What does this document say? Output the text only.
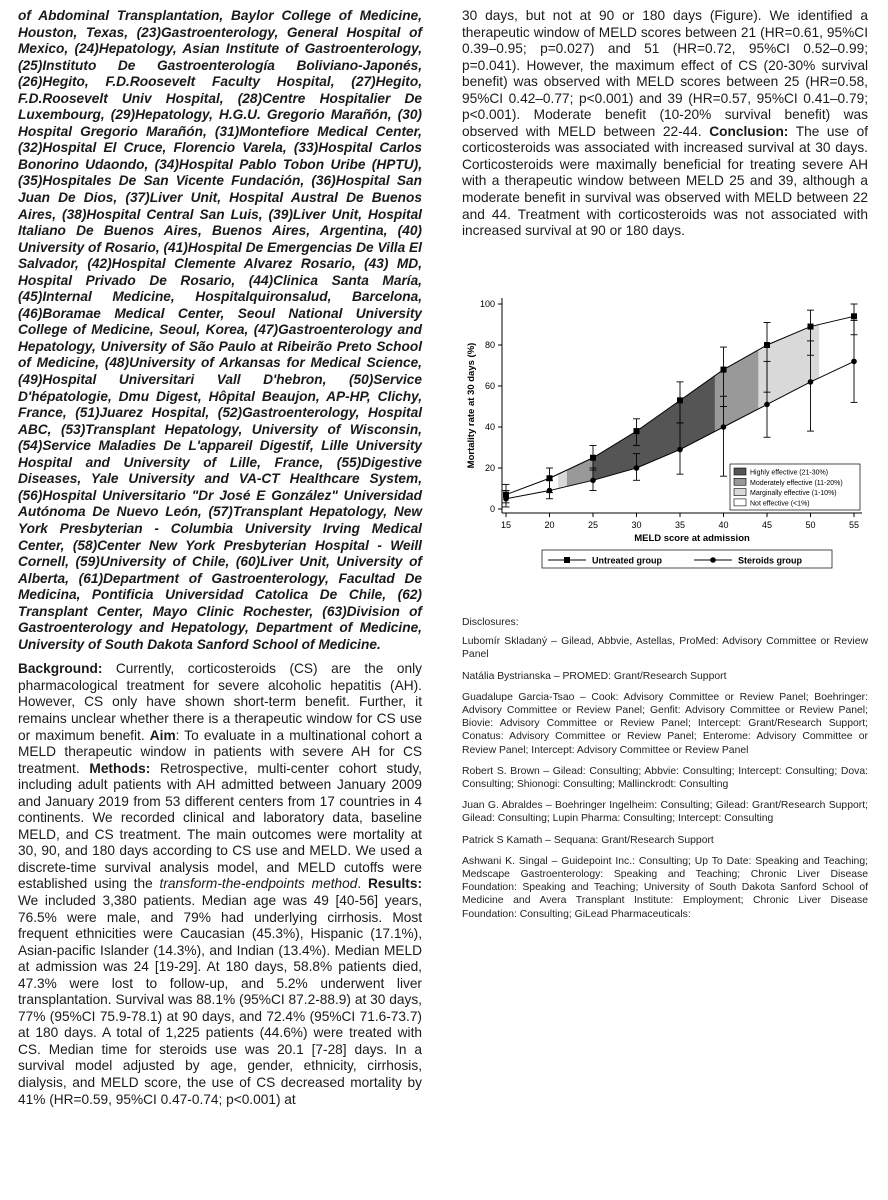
of Abdominal Transplantation, Baylor College of Medicine, Houston, Texas, (23)Gastroenterology, General Hospital of Mexico, (24)Hepatology, Asian Institute of Gastroenterology, (25)Instituto De Gastroenterología Boliviano-Japonés, (26)Hegito, F.D.Roosevelt Faculty Hospital, (27)Hegito, F.D.Roosevelt Univ Hospital, (28)Centre Hospitalier De Luxembourg, (29)Hepatology, H.G.U. Gregorio Marañón, (30) Hospital Gregorio Marañón, (31)Montefiore Medical Center, (32)Hospital El Cruce, Florencio Varela, (33)Hospital Carlos Bonorino Udaondo, (34)Hospital Pablo Tobon Uribe (HPTU), (35)Hospitales De San Vicente Fundación, (36)Hospital San Juan De Dios, (37)Liver Unit, Hospital Austral De Buenos Aires, (38)Hospital Central San Luis, (39)Liver Unit, Hospital Italiano De Buenos Aires, Buenos Aires, Argentina, (40) University of Rosario, (41)Hospital De Emergencias De Villa El Salvador, (42)Hospital Clemente Alvarez Rosario, (43) MD, Hospital Privado De Rosario, (44)Clinica Santa María, (45)Internal Medicine, Hospitalquironsalud, Barcelona, (46)Boramae Medical Center, Seoul National University College of Medicine, Seoul, Korea, (47)Gastroenterology and Hepatology, University of São Paulo at Ribeirão Preto School of Medicine, (48)University of Arkansas for Medical Science, (49)Hospital Universitari Vall D'hebron, (50)Service D'hépatologie, Dmu Digest, Hôpital Beaujon, AP-HP, Clichy, France, (51)Juarez Hospital, (52)Gastroenterology, Hospital ABC, (53)Transplant Hepatology, University of Wisconsin, (54)Service Maladies De L'appareil Digestif, Lille University Hospital and University of Lille, France, (55)Digestive Diseases, Yale University and VA-CT Healthcare System, (56)Hospital Universitario "Dr José E González" Universidad Autónoma De Nuevo León, (57)Transplant Hepatology, New York Presbyterian - Columbia University Irving Medical Center, (58)Center New York Presbyterian Hospital - Weill Cornell, (59)University of Chile, (60)Liver Unit, University of Alberta, (61)Department of Gastroenterology, Facultad De Medicina, Pontificia Universidad Catolica De Chile, (62) Transplant Center, Mayo Clinic Rochester, (63)Division of Gastroenterology and Hepatology, Department of Medicine, University of South Dakota Sanford School of Medicine.

Background: Currently, corticosteroids (CS) are the only pharmacological treatment for severe alcoholic hepatitis (AH). However, CS only have shown short-term benefit. Further, it remains unclear whether there is a therapeutic window for CS use or maximum benefit. Aim: To evaluate in a multinational cohort a MELD therapeutic window in patients with severe AH for CS treatment. Methods: Retrospective, multi-center cohort study, including adult patients with AH admitted between January 2009 and January 2019 from 53 different centers from 17 countries in 4 continents. We recorded clinical and laboratory data, baseline MELD, and CS treatment. The main outcomes were mortality at 30, 90, and 180 days according to CS use and MELD. We used a discrete-time survival analysis model, and MELD cutoffs were established using the transform-the-endpoints method. Results: We included 3,380 patients. Median age was 49 [40-56] years, 76.5% were male, and 79% had underlying cirrhosis. Most frequent ethnicities were Caucasian (45.3%), Hispanic (17.1%), Asian-pacific Islander (14.3%), and Indian (13.4%). Median MELD at admission was 24 [19-29]. At 180 days, 58.8% patients died, 47.3% were lost to follow-up, and 5.2% underwent liver transplantation. Survival was 88.1% (95%CI 87.2-88.9) at 30 days, 77% (95%CI 75.9-78.1) at 90 days, and 72.4% (95%CI 71.6-73.7) at 180 days. A total of 1,225 patients (44.6%) were treated with CS. Median time for steroids use was 20.1 [7-28] days. In a survival model adjusted by age, gender, ethnicity, cirrhosis, dialysis, and MELD score, the use of CS decreased mortality by 41% (HR=0.59, 95%CI 0.47-0.74; p<0.001) at

30 days, but not at 90 or 180 days (Figure). We identified a therapeutic window of MELD scores between 21 (HR=0.61, 95%CI 0.39–0.95; p=0.027) and 51 (HR=0.72, 95%CI 0.52–0.99; p=0.041). However, the maximum effect of CS (20-30% survival benefit) was observed with MELD scores between 25 (HR=0.58, 95%CI 0.42–0.77; p<0.001) and 39 (HR=0.57, 95%CI 0.41–0.79; p<0.001). Moderate benefit (10-20% survival benefit) was observed with MELD between 22-44. Conclusion: The use of corticosteroids was associated with increased survival at 30 days. Corticosteroids were maximally beneficial for treating severe AH with a therapeutic window between MELD 25 and 39, although a moderate benefit in survival was observed with MELD between 22 and 44. Treatment with corticosteroids was not associated with increased survival at 90 or 180 days.

0
20
40
60
80
100
15	20	25	30	35	40	45	50	55
MELD score at admission
Mortality rate at 30 days (%)
Highly effective (21-30%)
Moderately effective (11-20%)
Marginally effective (1-10%)
Not effective (<1%)
Untreated group	Steroids group

Disclosures:

Lubomír Skladaný – Gilead, Abbvie, Astellas, ProMed: Advisory Committee or Review Panel

Natália Bystrianska – PROMED: Grant/Research Support

Guadalupe Garcia-Tsao – Cook: Advisory Committee or Review Panel; Boehringer: Advisory Committee or Review Panel; Genfit: Advisory Committee or Review Panel; Biovie: Advisory Committee or Review Panel; Intercept: Grant/Research Support; Conatus: Advisory Committee or Review Panel; Enterome: Advisory Committee or Review Panel; Intercept: Advisory Committee or Review Panel

Robert S. Brown – Gilead: Consulting; Abbvie: Consulting; Intercept: Consulting; Dova: Consulting; Shionogi: Consulting; Mallinckrodt: Consulting

Juan G. Abraldes – Boehringer Ingelheim: Consulting; Gilead: Grant/Research Support; Gilead: Consulting; Lupin Pharma: Consulting; Intercept: Consulting

Patrick S Kamath – Sequana: Grant/Research Support

Ashwani K. Singal – Guidepoint Inc.: Consulting; Up To Date: Speaking and Teaching; Medscape Gastroenterology: Speaking and Teaching; Chronic Liver Disease Foundation: Speaking and Teaching; University of South Dakota Sanford School of Medicine and Avera Transplant Institute: Employment; Chronic Liver Disease Foundation: Consulting; GiLead Pharmaceuticals:
